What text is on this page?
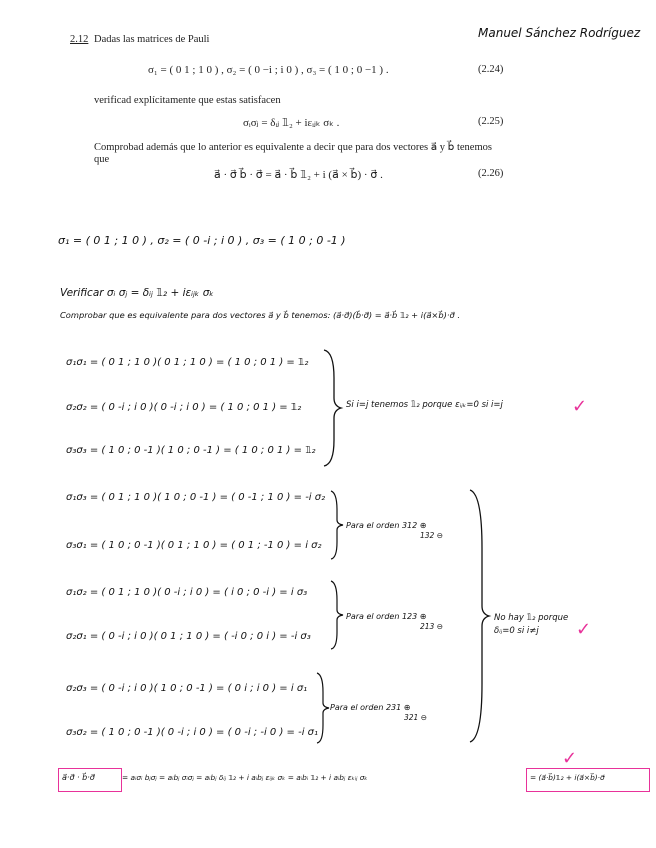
2.12 Dadas las matrices de Pauli	Manuel Sánchez Rodríguez
σ₁ = ( 0 1 ; 1 0 ) , σ₂ = ( 0 −i ; i 0 ) , σ₃ = ( 1 0 ; 0 −1 ) .	(2.24)
verificad explícitamente que estas satisfacen
σᵢσⱼ = δᵢⱼ 𝟙₂ + iεᵢⱼₖ σₖ .	(2.25)
Comprobad además que lo anterior es equivalente a decir que para dos vectores a⃗ y b⃗ tenemos
que
a⃗ · σ⃗ b⃗ · σ⃗ = a⃗ · b⃗ 𝟙₂ + i (a⃗ × b⃗) · σ⃗ .	(2.26)
σ₁ = ( 0 1 ; 1 0 ) , σ₂ = ( 0 -i ; i 0 ) , σ₃ = ( 1 0 ; 0 -1 )
Verificar σᵢ σⱼ = δᵢⱼ 𝟙₂ + iεᵢⱼₖ σₖ
Comprobar que es equivalente para dos vectores a⃗ y b⃗ tenemos: (a⃗·σ⃗)(b⃗·σ⃗) = a⃗·b⃗ 𝟙₂ + i(a⃗×b⃗)·σ⃗ .
σ₁σ₁ = ( 0 1 ; 1 0 )( 0 1 ; 1 0 ) = ( 1 0 ; 0 1 ) = 𝟙₂
σ₂σ₂ = ( 0 -i ; i 0 )( 0 -i ; i 0 ) = ( 1 0 ; 0 1 ) = 𝟙₂
σ₃σ₃ = ( 1 0 ; 0 -1 )( 1 0 ; 0 -1 ) = ( 1 0 ; 0 1 ) = 𝟙₂
Si i=j tenemos 𝟙₂ porque εᵢⱼₖ=0 si i=j	✓
σ₁σ₃ = ( 0 1 ; 1 0 )( 1 0 ; 0 -1 ) = ( 0 -1 ; 1 0 ) = -i σ₂
σ₃σ₁ = ( 1 0 ; 0 -1 )( 0 1 ; 1 0 ) = ( 0 1 ; -1 0 ) = i σ₂
Para el orden 312 ⊕
132 ⊖
σ₁σ₂ = ( 0 1 ; 1 0 )( 0 -i ; i 0 ) = ( i 0 ; 0 -i ) = i σ₃
σ₂σ₁ = ( 0 -i ; i 0 )( 0 1 ; 1 0 ) = ( -i 0 ; 0 i ) = -i σ₃
Para el orden 123 ⊕
213 ⊖
σ₂σ₃ = ( 0 -i ; i 0 )( 1 0 ; 0 -1 ) = ( 0 i ; i 0 ) = i σ₁
σ₃σ₂ = ( 1 0 ; 0 -1 )( 0 -i ; i 0 ) = ( 0 -i ; -i 0 ) = -i σ₁
Para el orden 231 ⊕
321 ⊖
No hay 𝟙₂ porque
δᵢⱼ=0 si i≠j ✓
✓
a⃗·σ⃗ · b⃗·σ⃗	= aᵢσᵢ bⱼσⱼ = aᵢbⱼ σᵢσⱼ = aᵢbⱼ δᵢⱼ 𝟙₂ + i aᵢbⱼ εᵢⱼₖ σₖ = aᵢbᵢ 𝟙₂ + i aᵢbⱼ εₖᵢⱼ σₖ	= (a⃗·b⃗)𝟙₂ + i(a⃗×b⃗)·σ⃗
